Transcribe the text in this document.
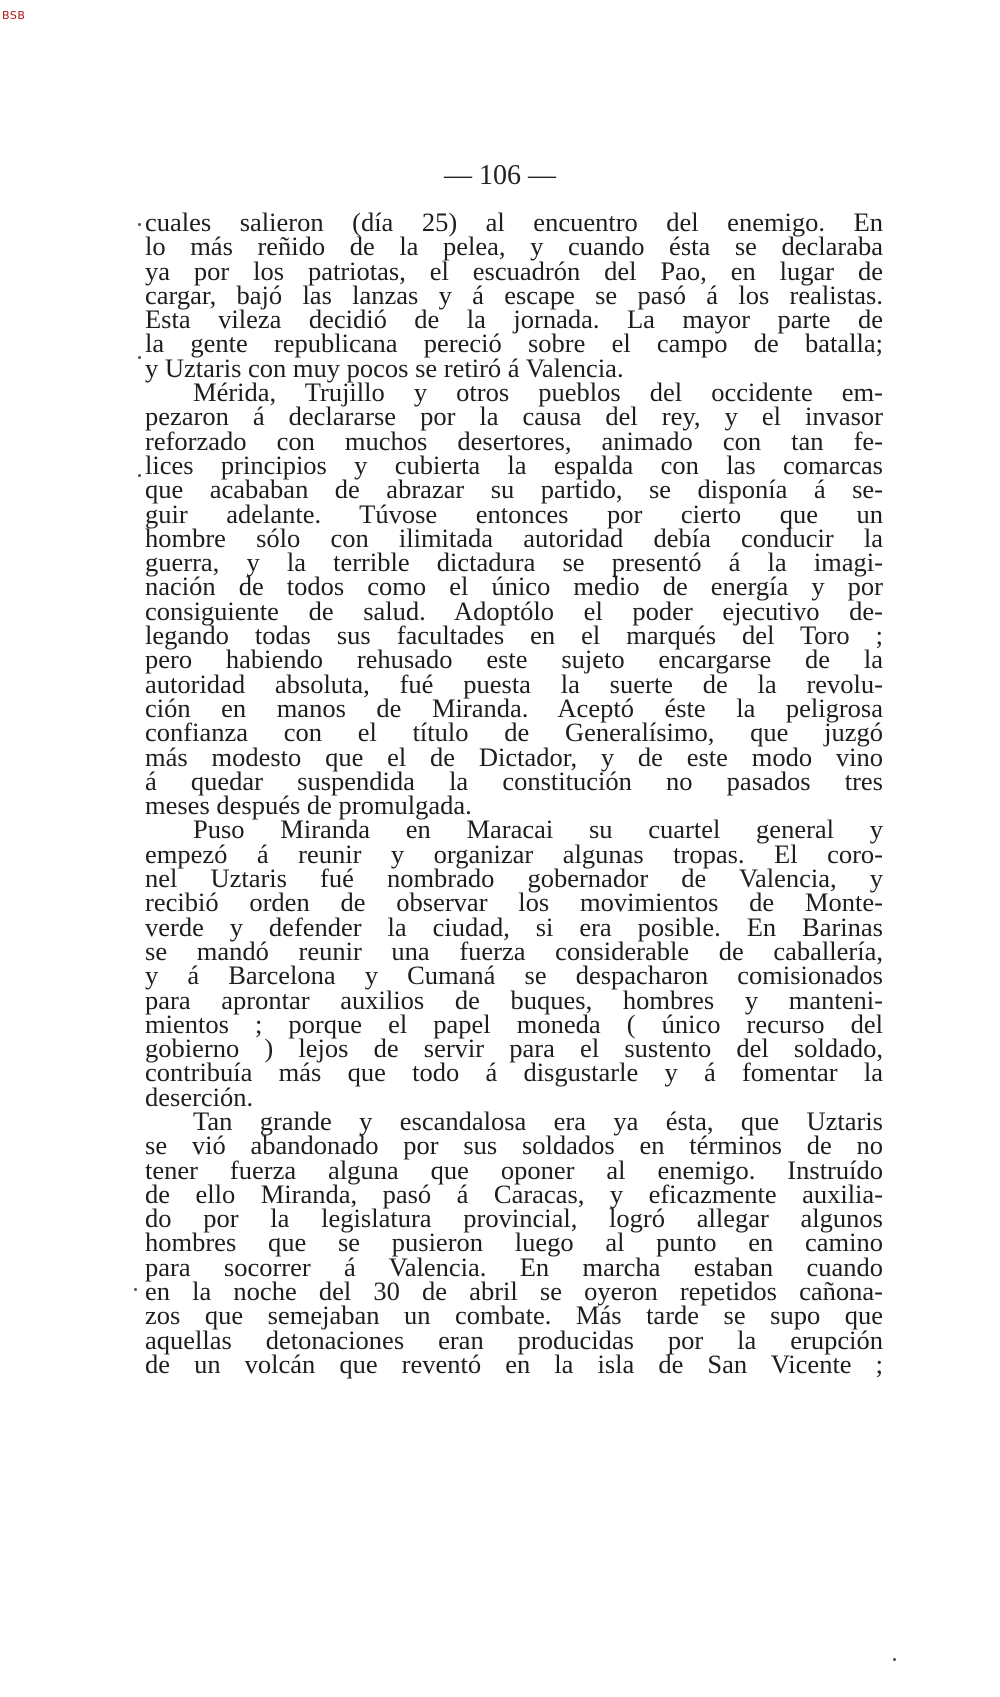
BSB
— 106 —
cuales salieron (día 25) al encuentro del enemigo. En
lo más reñido de la pelea, y cuando ésta se declaraba
ya por los patriotas, el escuadrón del Pao, en lugar de
cargar, bajó las lanzas y á escape se pasó á los realistas.
Esta vileza decidió de la jornada. La mayor parte de
la gente republicana pereció sobre el campo de batalla;
y Uztaris con muy pocos se retiró á Valencia.
Mérida, Trujillo y otros pueblos del occidente em-
pezaron á declararse por la causa del rey, y el invasor
reforzado con muchos desertores, animado con tan fe-
lices principios y cubierta la espalda con las comarcas
que acababan de abrazar su partido, se disponía á se-
guir adelante. Túvose entonces por cierto que un
hombre sólo con ilimitada autoridad debía conducir la
guerra, y la terrible dictadura se presentó á la imagi-
nación de todos como el único medio de energía y por
consiguiente de salud. Adoptólo el poder ejecutivo de-
legando todas sus facultades en el marqués del Toro ;
pero habiendo rehusado este sujeto encargarse de la
autoridad absoluta, fué puesta la suerte de la revolu-
ción en manos de Miranda. Aceptó éste la peligrosa
confianza con el título de Generalísimo, que juzgó
más modesto que el de Dictador, y de este modo vino
á quedar suspendida la constitución no pasados tres
meses después de promulgada.
Puso Miranda en Maracai su cuartel general y
empezó á reunir y organizar algunas tropas. El coro-
nel Uztaris fué nombrado gobernador de Valencia, y
recibió orden de observar los movimientos de Monte-
verde y defender la ciudad, si era posible. En Barinas
se mandó reunir una fuerza considerable de caballería,
y á Barcelona y Cumaná se despacharon comisionados
para aprontar auxilios de buques, hombres y manteni-
mientos ; porque el papel moneda ( único recurso del
gobierno ) lejos de servir para el sustento del soldado,
contribuía más que todo á disgustarle y á fomentar la
deserción.
Tan grande y escandalosa era ya ésta, que Uztaris
se vió abandonado por sus soldados en términos de no
tener fuerza alguna que oponer al enemigo. Instruído
de ello Miranda, pasó á Caracas, y eficazmente auxilia-
do por la legislatura provincial, logró allegar algunos
hombres que se pusieron luego al punto en camino
para socorrer á Valencia. En marcha estaban cuando
en la noche del 30 de abril se oyeron repetidos cañona-
zos que semejaban un combate. Más tarde se supo que
aquellas detonaciones eran producidas por la erupción
de un volcán que reventó en la isla de San Vicente ;
